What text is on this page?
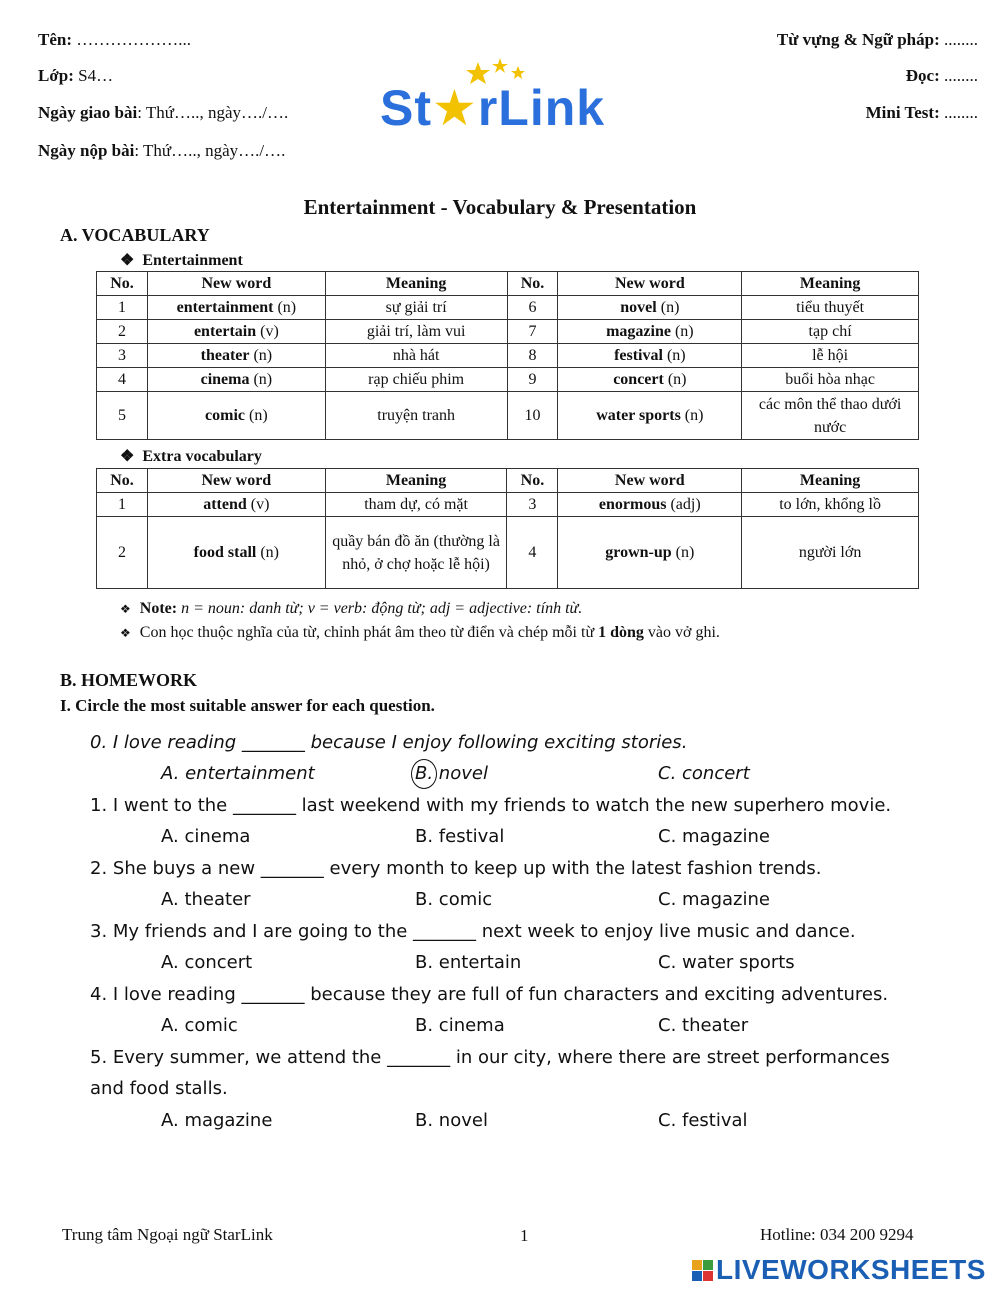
Tên: ………………...
Lớp: S4…
Ngày giao bài: Thứ….., ngày…./….
Ngày nộp bài: Thứ….., ngày…./….
Từ vựng & Ngữ pháp: ........
Đọc: ........
Mini Test: ........
St★rLink
Entertainment - Vocabulary & Presentation
A. VOCABULARY
❖  Entertainment
No.	New word	Meaning	No.	New word	Meaning
1	entertainment (n)	sự giải trí	6	novel (n)	tiểu thuyết
2	entertain (v)	giải trí, làm vui	7	magazine (n)	tạp chí
3	theater (n)	nhà hát	8	festival (n)	lễ hội
4	cinema (n)	rạp chiếu phim	9	concert (n)	buổi hòa nhạc
5	comic (n)	truyện tranh	10	water sports (n)	các môn thể thao dưới nước
❖  Extra vocabulary
No.	New word	Meaning	No.	New word	Meaning
1	attend (v)	tham dự, có mặt	3	enormous (adj)	to lớn, khổng lồ
2	food stall (n)	quầy bán đồ ăn (thường là nhỏ, ở chợ hoặc lễ hội)	4	grown-up (n)	người lớn
❖   Note: n = noun: danh từ; v = verb: động từ; adj = adjective: tính từ.
❖   Con học thuộc nghĩa của từ, chỉnh phát âm theo từ điển và chép mỗi từ 1 dòng vào vở ghi.
B. HOMEWORK
I. Circle the most suitable answer for each question.
0. I love reading _______ because I enjoy following exciting stories.
A. entertainment	B. novel	C. concert
1. I went to the _______ last weekend with my friends to watch the new superhero movie.
A. cinema	B. festival	C. magazine
2. She buys a new _______ every month to keep up with the latest fashion trends.
A. theater	B. comic	C. magazine
3. My friends and I are going to the _______ next week to enjoy live music and dance.
A. concert	B. entertain	C. water sports
4. I love reading _______ because they are full of fun characters and exciting adventures.
A. comic	B. cinema	C. theater
5. Every summer, we attend the _______ in our city, where there are street performances
and food stalls.
A. magazine	B. novel	C. festival
Trung tâm Ngoại ngữ StarLink	1	Hotline: 034 200 9294
LIVEWORKSHEETS
